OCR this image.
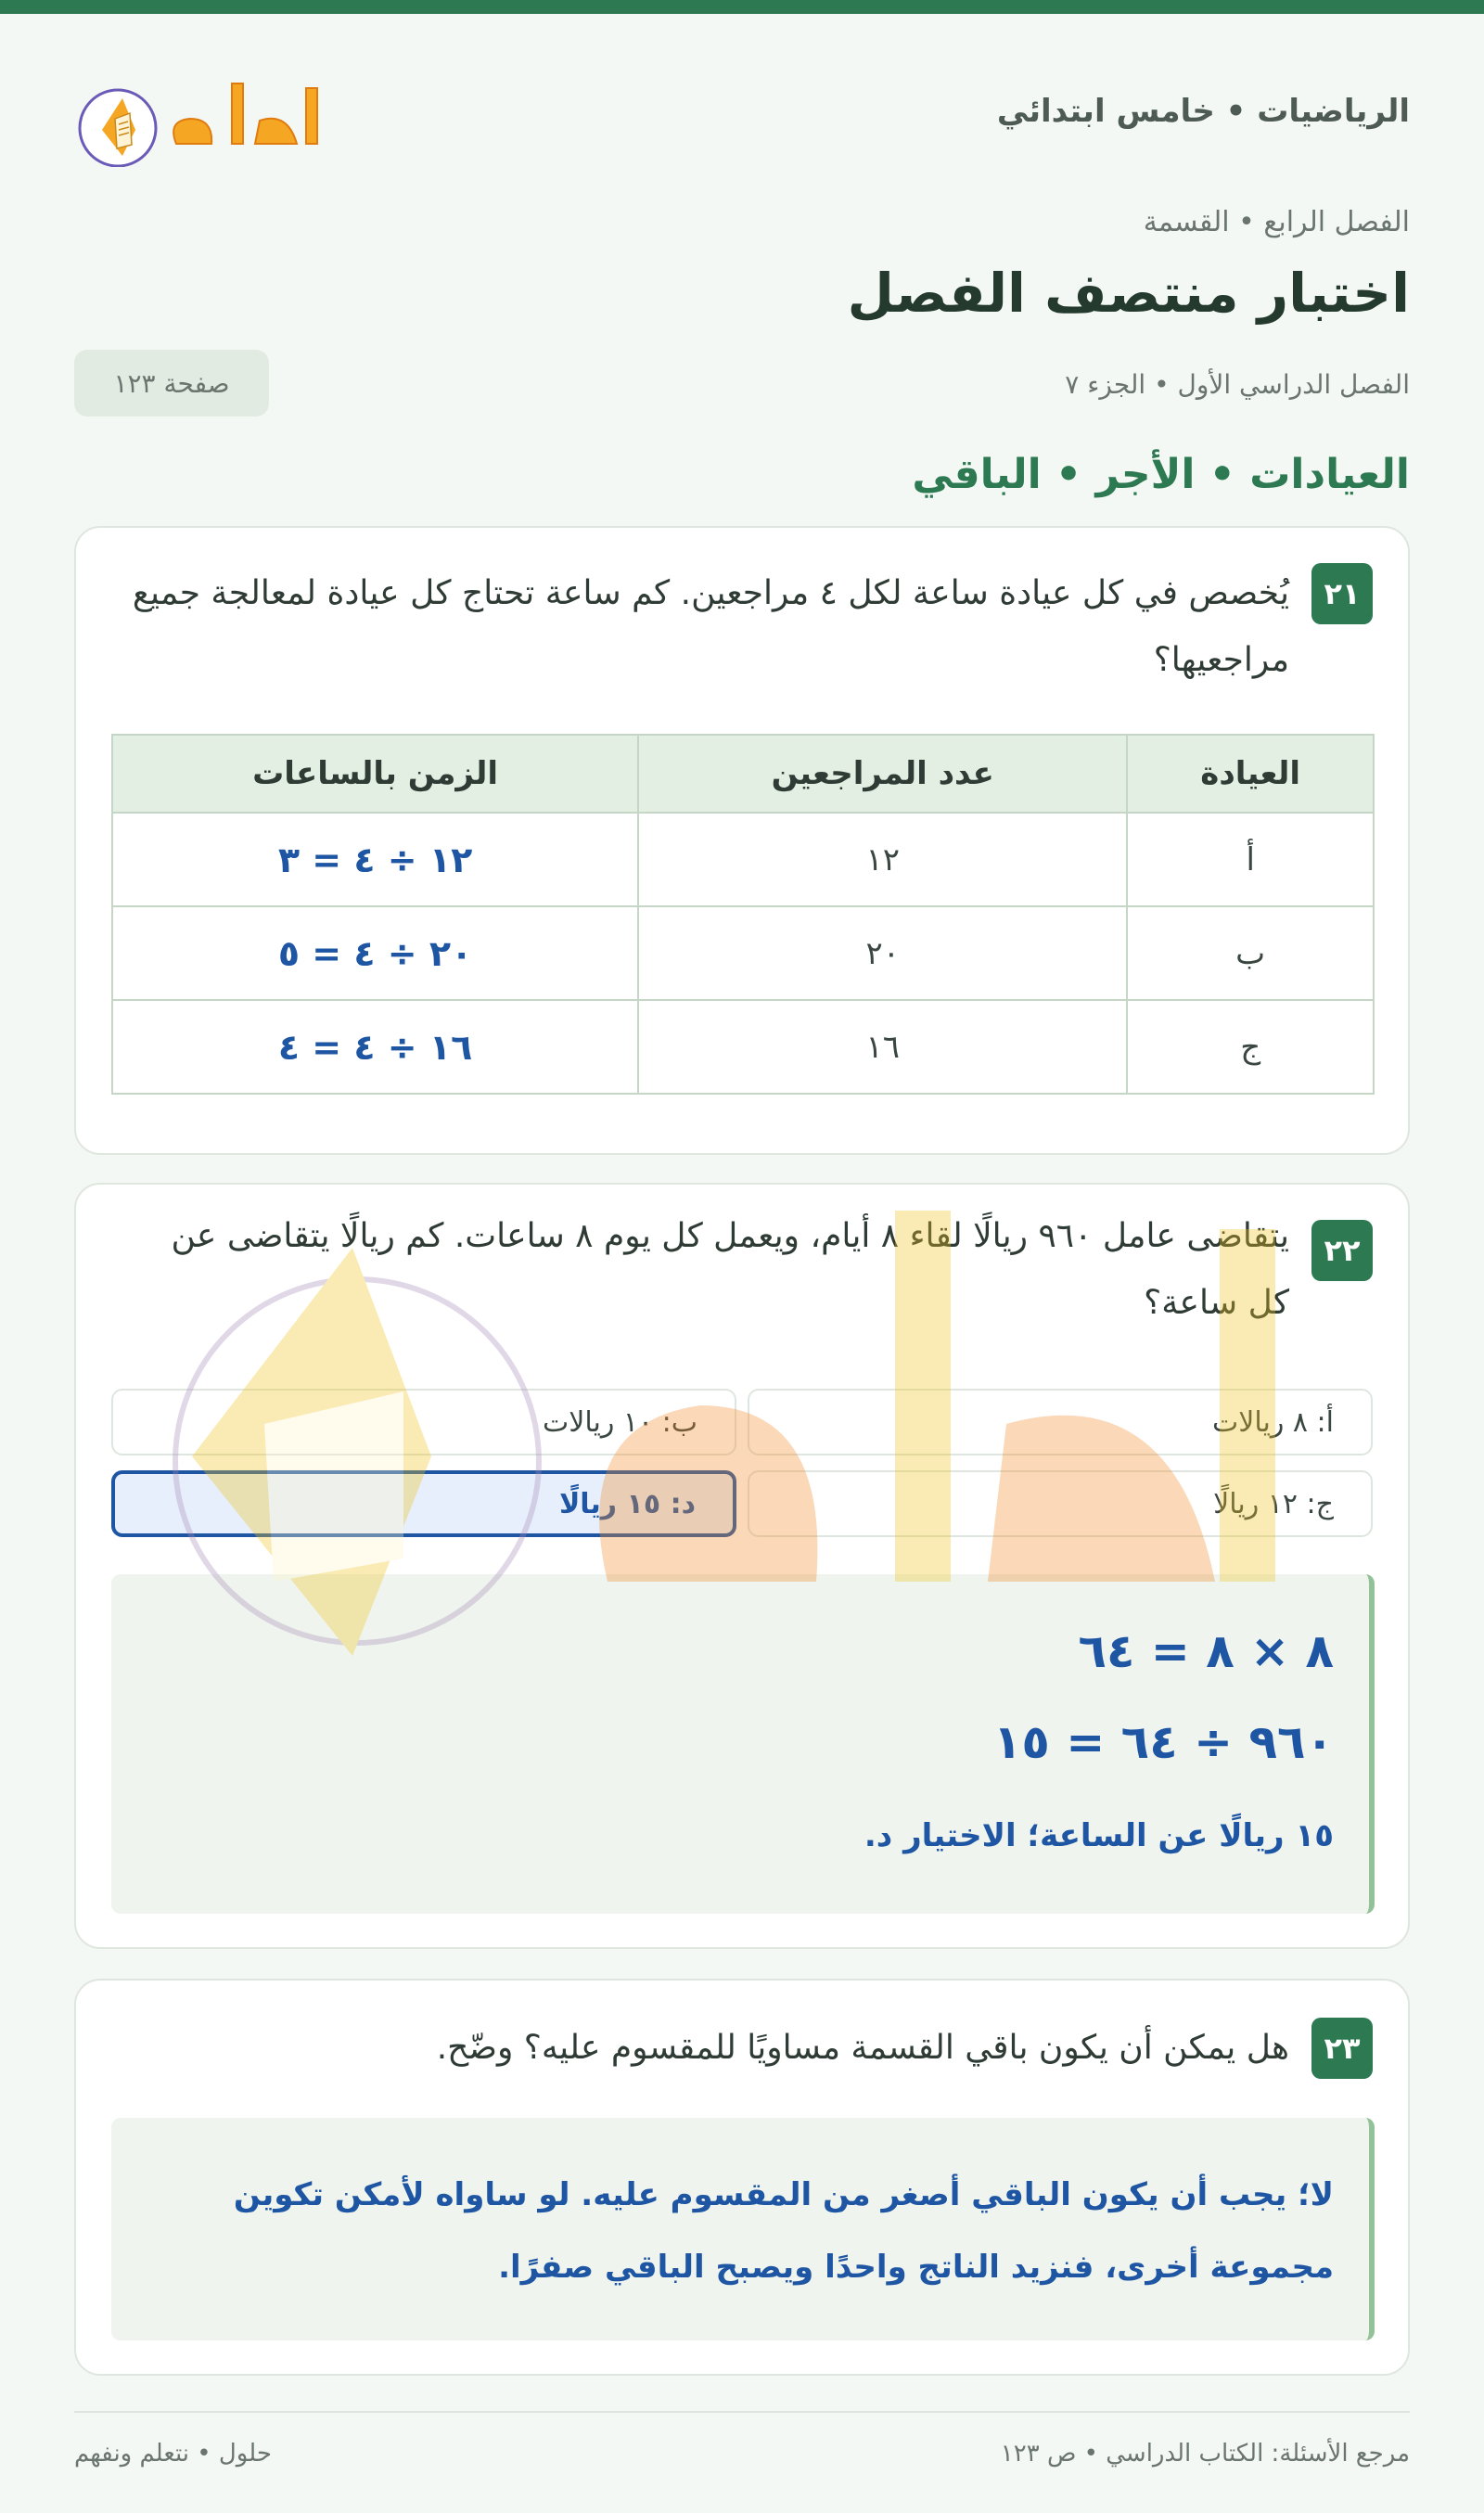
الرياضيات • خامس ابتدائي
الفصل الرابع • القسمة
اختبار منتصف الفصل
الفصل الدراسي الأول • الجزء ٧
صفحة ١٢٣
العيادات • الأجر • الباقي
٢١
يُخصص في كل عيادة ساعة لكل ٤ مراجعين. كم ساعة تحتاج كل عيادة لمعالجة جميع مراجعيها؟
العيادة	عدد المراجعين	الزمن بالساعات
أ	١٢	١٢ ÷ ٤ = ٣
ب	٢٠	٢٠ ÷ ٤ = ٥
ج	١٦	١٦ ÷ ٤ = ٤
٢٢
يتقاضى عامل ٩٦٠ ريالًا لقاء ٨ أيام، ويعمل كل يوم ٨ ساعات. كم ريالًا يتقاضى عن كل ساعة؟
أ: ٨ ريالات
ب: ١٠ ريالات
ج: ١٢ ريالًا
د: ١٥ ريالًا
٨ × ٨ = ٦٤
٩٦٠ ÷ ٦٤ = ١٥
١٥ ريالًا عن الساعة؛ الاختيار د.
٢٣
هل يمكن أن يكون باقي القسمة مساويًا للمقسوم عليه؟ وضّح.
لا؛ يجب أن يكون الباقي أصغر من المقسوم عليه. لو ساواه لأمكن تكوين مجموعة أخرى، فنزيد الناتج واحدًا ويصبح الباقي صفرًا.
مرجع الأسئلة: الكتاب الدراسي • ص ١٢٣
حلول • نتعلم ونفهم
